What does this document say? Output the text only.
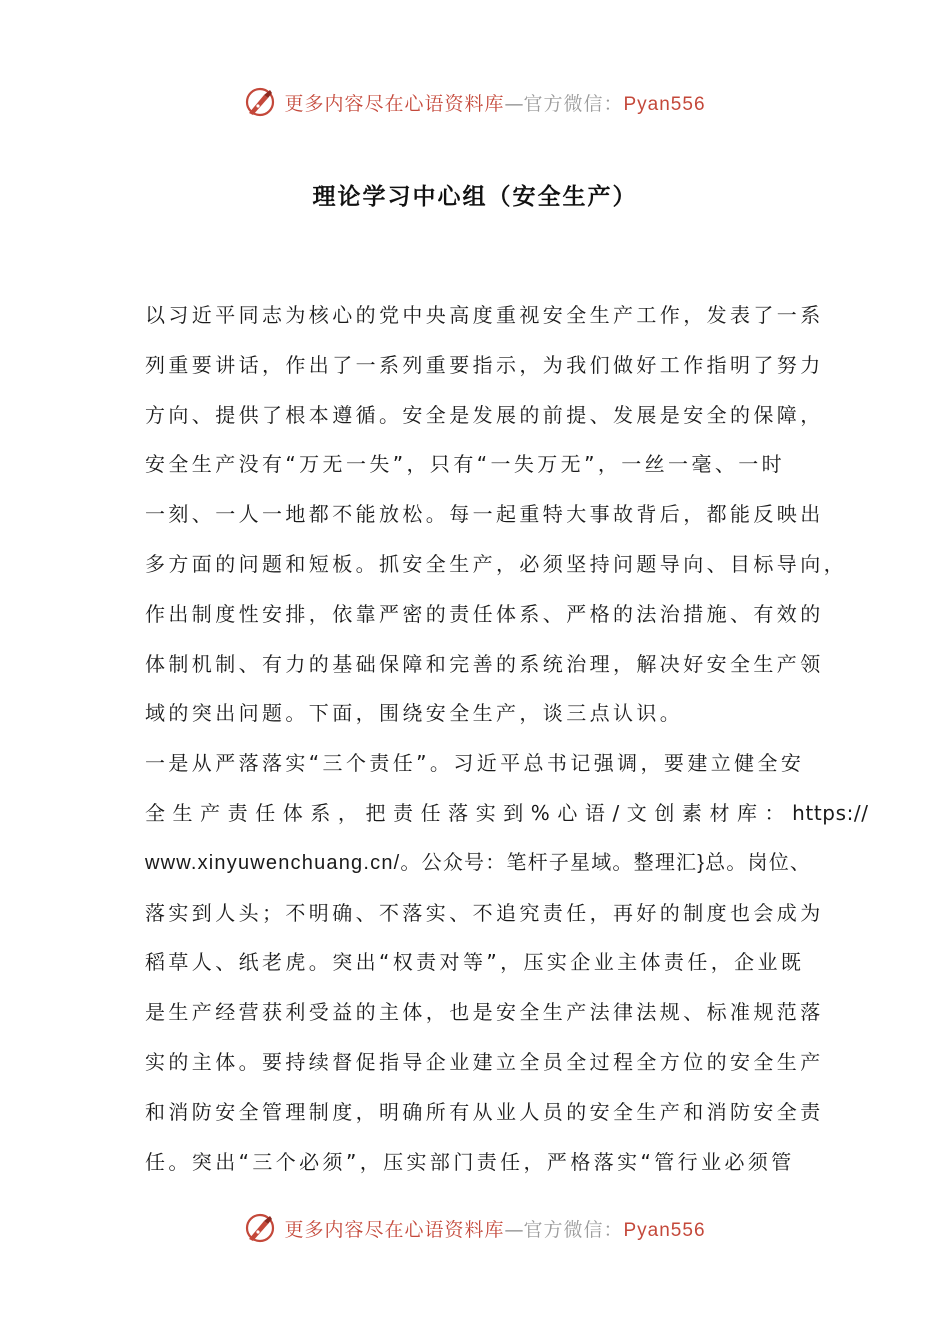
更多内容尽在心语资料库—官方微信：Pyan556
理论学习中心组（安全生产）
以习近平同志为核心的党中央高度重视安全生产工作，发表了一系
列重要讲话，作出了一系列重要指示，为我们做好工作指明了努力
方向、提供了根本遵循。安全是发展的前提、发展是安全的保障，
安全生产没有“万无一失”，只有“一失万无”，一丝一毫、一时
一刻、一人一地都不能放松。每一起重特大事故背后，都能反映出
多方面的问题和短板。抓安全生产，必须坚持问题导向、目标导向，
作出制度性安排，依靠严密的责任体系、严格的法治措施、有效的
体制机制、有力的基础保障和完善的系统治理，解决好安全生产领
域的突出问题。下面，围绕安全生产，谈三点认识。
一是从严落落实“三个责任”。习近平总书记强调，要建立健全安
全 生 产 责 任 体 系 ， 把 责 任 落 实 到 % 心 语 / 文 创 素 材 库 ： https://
www.xinyuwenchuang.cn/。公众号：笔杆子星域。整理汇}总。岗位、
落实到人头；不明确、不落实、不追究责任，再好的制度也会成为
稻草人、纸老虎。突出“权责对等”，压实企业主体责任，企业既
是生产经营获利受益的主体，也是安全生产法律法规、标准规范落
实的主体。要持续督促指导企业建立全员全过程全方位的安全生产
和消防安全管理制度，明确所有从业人员的安全生产和消防安全责
任。突出“三个必须”，压实部门责任，严格落实“管行业必须管
更多内容尽在心语资料库—官方微信：Pyan556
